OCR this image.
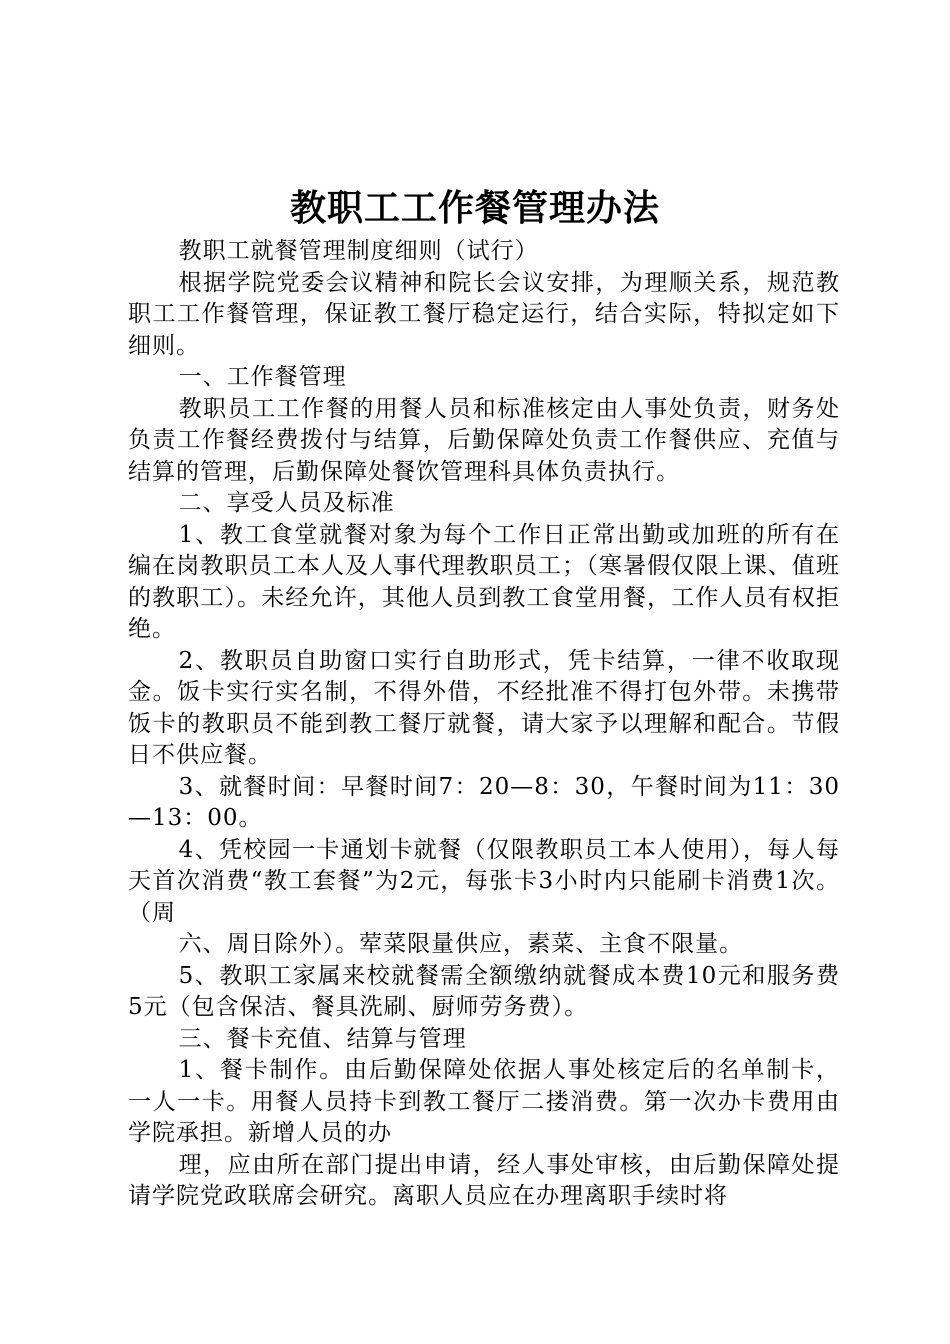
教职工工作餐管理办法

教职工就餐管理制度细则（试行）

根据学院党委会议精神和院长会议安排，为理顺关系，规范教职工工作餐管理，保证教工餐厅稳定运行，结合实际，特拟定如下细则。

一、工作餐管理

教职员工工作餐的用餐人员和标准核定由人事处负责，财务处负责工作餐经费拨付与结算，后勤保障处负责工作餐供应、充值与结算的管理，后勤保障处餐饮管理科具体负责执行。

二、享受人员及标准

1、教工食堂就餐对象为每个工作日正常出勤或加班的所有在编在岗教职员工本人及人事代理教职员工；（寒暑假仅限上课、值班的教职工）。未经允许，其他人员到教工食堂用餐，工作人员有权拒绝。

2、教职员自助窗口实行自助形式，凭卡结算，一律不收取现金。饭卡实行实名制，不得外借，不经批准不得打包外带。未携带饭卡的教职员不能到教工餐厅就餐，请大家予以理解和配合。节假日不供应餐。

3、就餐时间：早餐时间7：20—8：30，午餐时间为11：30—13：00。

4、凭校园一卡通划卡就餐（仅限教职员工本人使用），每人每天首次消费“教工套餐”为2元，每张卡3小时内只能刷卡消费1次。（周

六、周日除外）。荤菜限量供应，素菜、主食不限量。

5、教职工家属来校就餐需全额缴纳就餐成本费10元和服务费5元（包含保洁、餐具洗刷、厨师劳务费）。

三、餐卡充值、结算与管理

1、餐卡制作。由后勤保障处依据人事处核定后的名单制卡，一人一卡。用餐人员持卡到教工餐厅二搂消费。第一次办卡费用由学院承担。新增人员的办

理，应由所在部门提出申请，经人事处审核，由后勤保障处提请学院党政联席会研究。离职人员应在办理离职手续时将
